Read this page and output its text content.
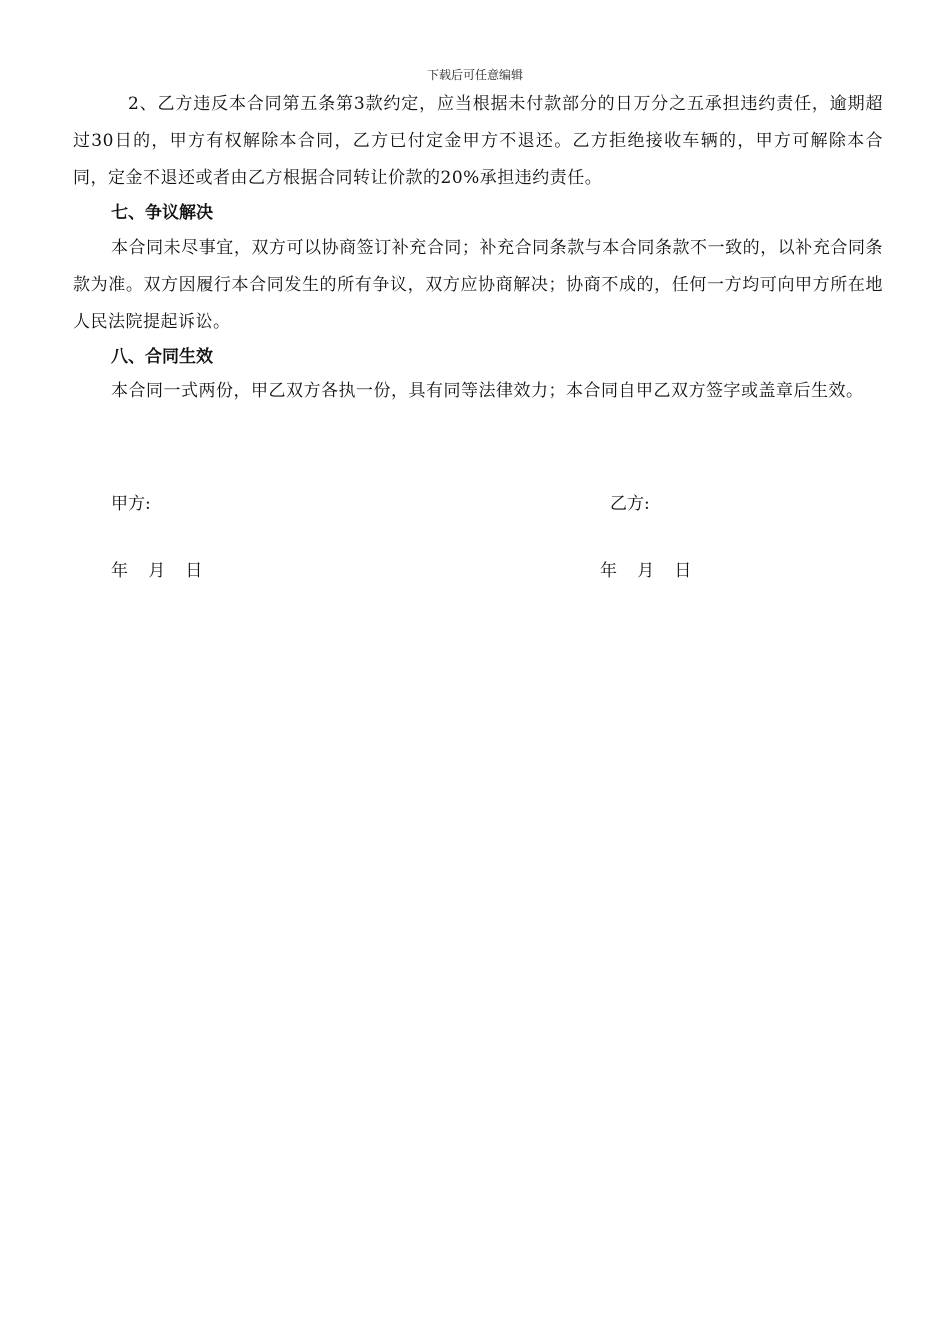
下载后可任意编辑
2、乙方违反本合同第五条第3款约定，应当根据未付款部分的日万分之五承担违约责任，逾期超过30日的，甲方有权解除本合同，乙方已付定金甲方不退还。乙方拒绝接收车辆的，甲方可解除本合同，定金不退还或者由乙方根据合同转让价款的20%承担违约责任。
七、争议解决
本合同未尽事宜，双方可以协商签订补充合同；补充合同条款与本合同条款不一致的，以补充合同条款为准。双方因履行本合同发生的所有争议，双方应协商解决；协商不成的，任何一方均可向甲方所在地人民法院提起诉讼。
八、合同生效
本合同一式两份，甲乙双方各执一份，具有同等法律效力；本合同自甲乙双方签字或盖章后生效。
甲方:	乙方:
年   月   日	年   月   日
